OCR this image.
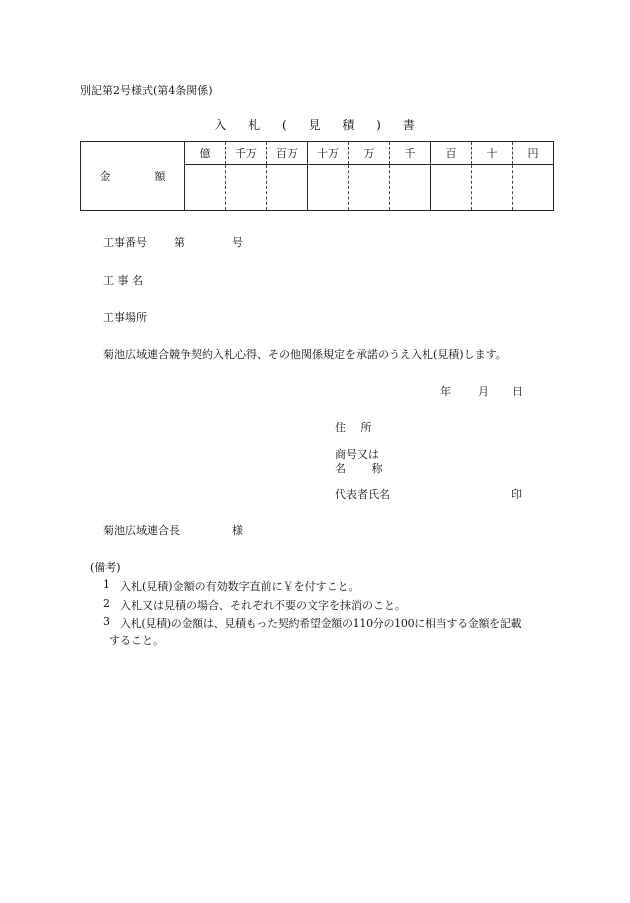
別記第2号様式(第4条関係)
入 札 ( 見 積 ) 書
金 額	億	千万	百万	十万	万	千	百	十	円

工事番号 第	号
工 事 名
工事場所
菊池広域連合競争契約入札心得、その他関係規定を承諾のうえ入札(見積)します。
年 月 日
住　 所
商号又は
名　 　称
代表者氏名	印
菊池広域連合長	様
(備考)
1 入札(見積)金額の有効数字直前に￥を付すこと。
2 入札又は見積の場合、それぞれ不要の文字を抹消のこと。
3 入札(見積)の金額は、見積もった契約希望金額の110分の100に相当する金額を記載
すること。
